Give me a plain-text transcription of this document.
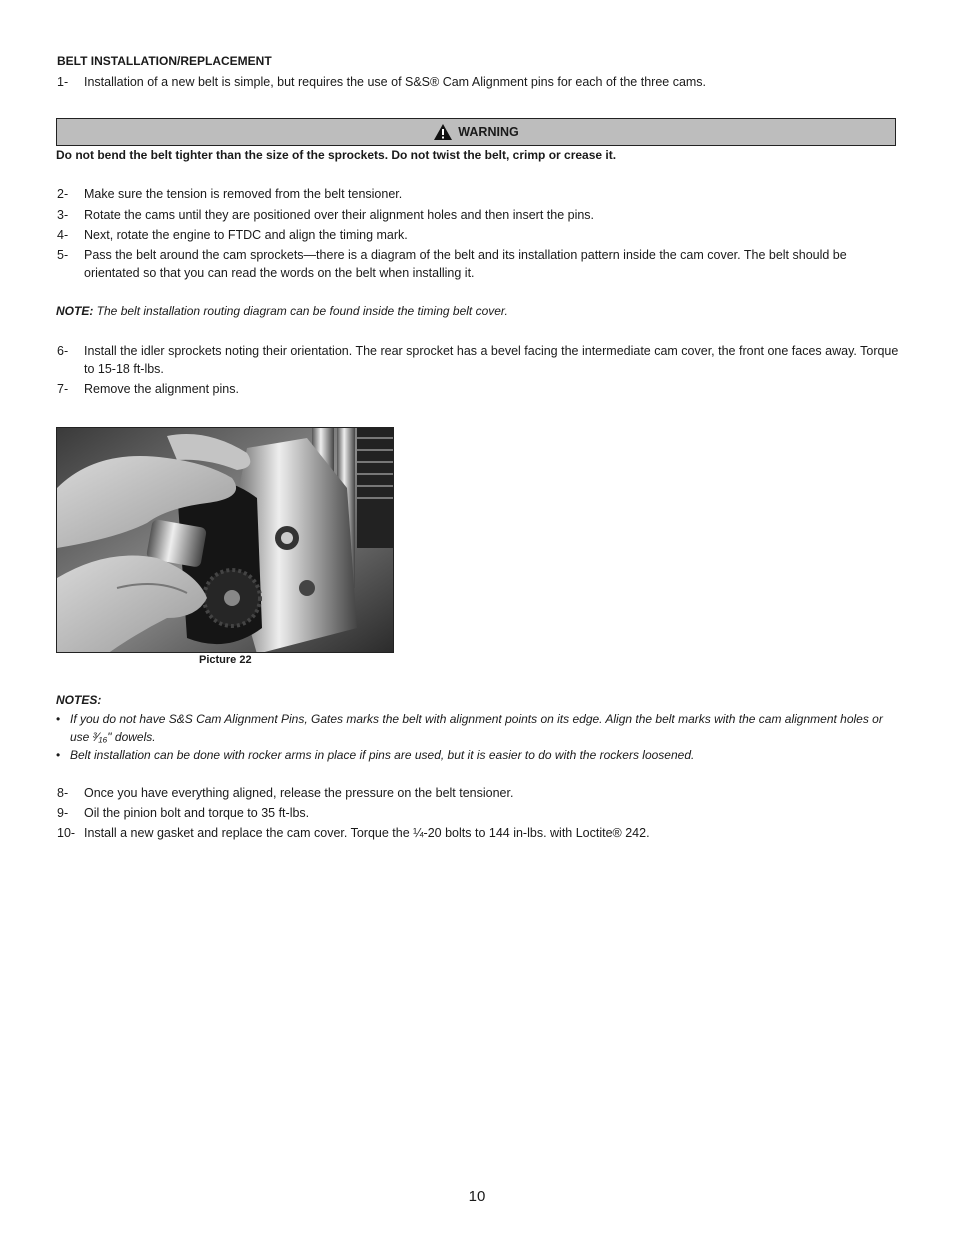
BELT INSTALLATION/REPLACEMENT
1- Installation of a new belt is simple, but requires the use of S&S® Cam Alignment pins for each of the three cams.
WARNING
Do not bend the belt tighter than the size of the sprockets. Do not twist the belt, crimp or crease it.
2- Make sure the tension is removed from the belt tensioner.
3- Rotate the cams until they are positioned over their alignment holes and then insert the pins.
4- Next, rotate the engine to FTDC and align the timing mark.
5- Pass the belt around the cam sprockets—there is a diagram of the belt and its installation pattern inside the cam cover. The belt should be orientated so that you can read the words on the belt when installing it.
NOTE: The belt installation routing diagram can be found inside the timing belt cover.
6- Install the idler sprockets noting their orientation. The rear sprocket has a bevel facing the intermediate cam cover, the front one faces away. Torque to 15-18 ft-lbs.
7- Remove the alignment pins.
Picture 22
NOTES:
• If you do not have S&S Cam Alignment Pins, Gates marks the belt with alignment points on its edge. Align the belt marks with the cam alignment holes or use ³⁄₁₆" dowels.
• Belt installation can be done with rocker arms in place if pins are used, but it is easier to do with the rockers loosened.
8- Once you have everything aligned, release the pressure on the belt tensioner.
9- Oil the pinion bolt and torque to 35 ft-lbs.
10- Install a new gasket and replace the cam cover. Torque the ¼-20 bolts to 144 in-lbs. with Loctite® 242.
10
